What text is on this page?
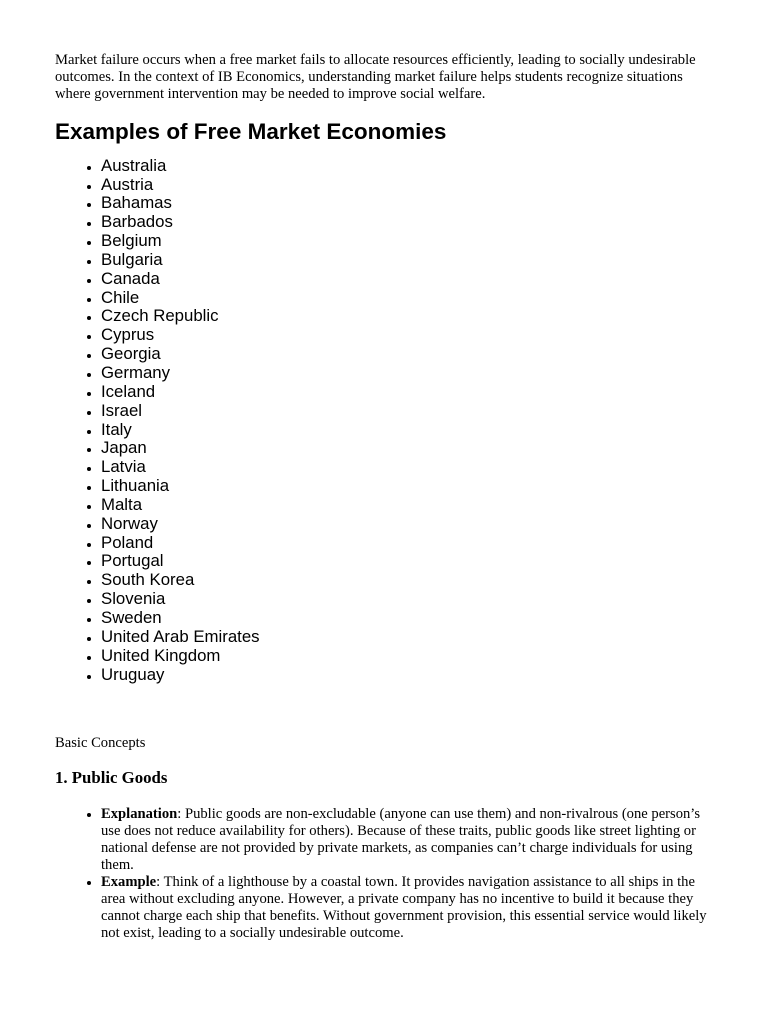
Market failure occurs when a free market fails to allocate resources efficiently, leading to socially undesirable outcomes. In the context of IB Economics, understanding market failure helps students recognize situations where government intervention may be needed to improve social welfare.

Examples of Free Market Economies
• Australia
• Austria
• Bahamas
• Barbados
• Belgium
• Bulgaria
• Canada
• Chile
• Czech Republic
• Cyprus
• Georgia
• Germany
• Iceland
• Israel
• Italy
• Japan
• Latvia
• Lithuania
• Malta
• Norway
• Poland
• Portugal
• South Korea
• Slovenia
• Sweden
• United Arab Emirates
• United Kingdom
• Uruguay

Basic Concepts

1. Public Goods
• Explanation: Public goods are non-excludable (anyone can use them) and non-rivalrous (one person’s use does not reduce availability for others). Because of these traits, public goods like street lighting or national defense are not provided by private markets, as companies can’t charge individuals for using them.
• Example: Think of a lighthouse by a coastal town. It provides navigation assistance to all ships in the area without excluding anyone. However, a private company has no incentive to build it because they cannot charge each ship that benefits. Without government provision, this essential service would likely not exist, leading to a socially undesirable outcome.
